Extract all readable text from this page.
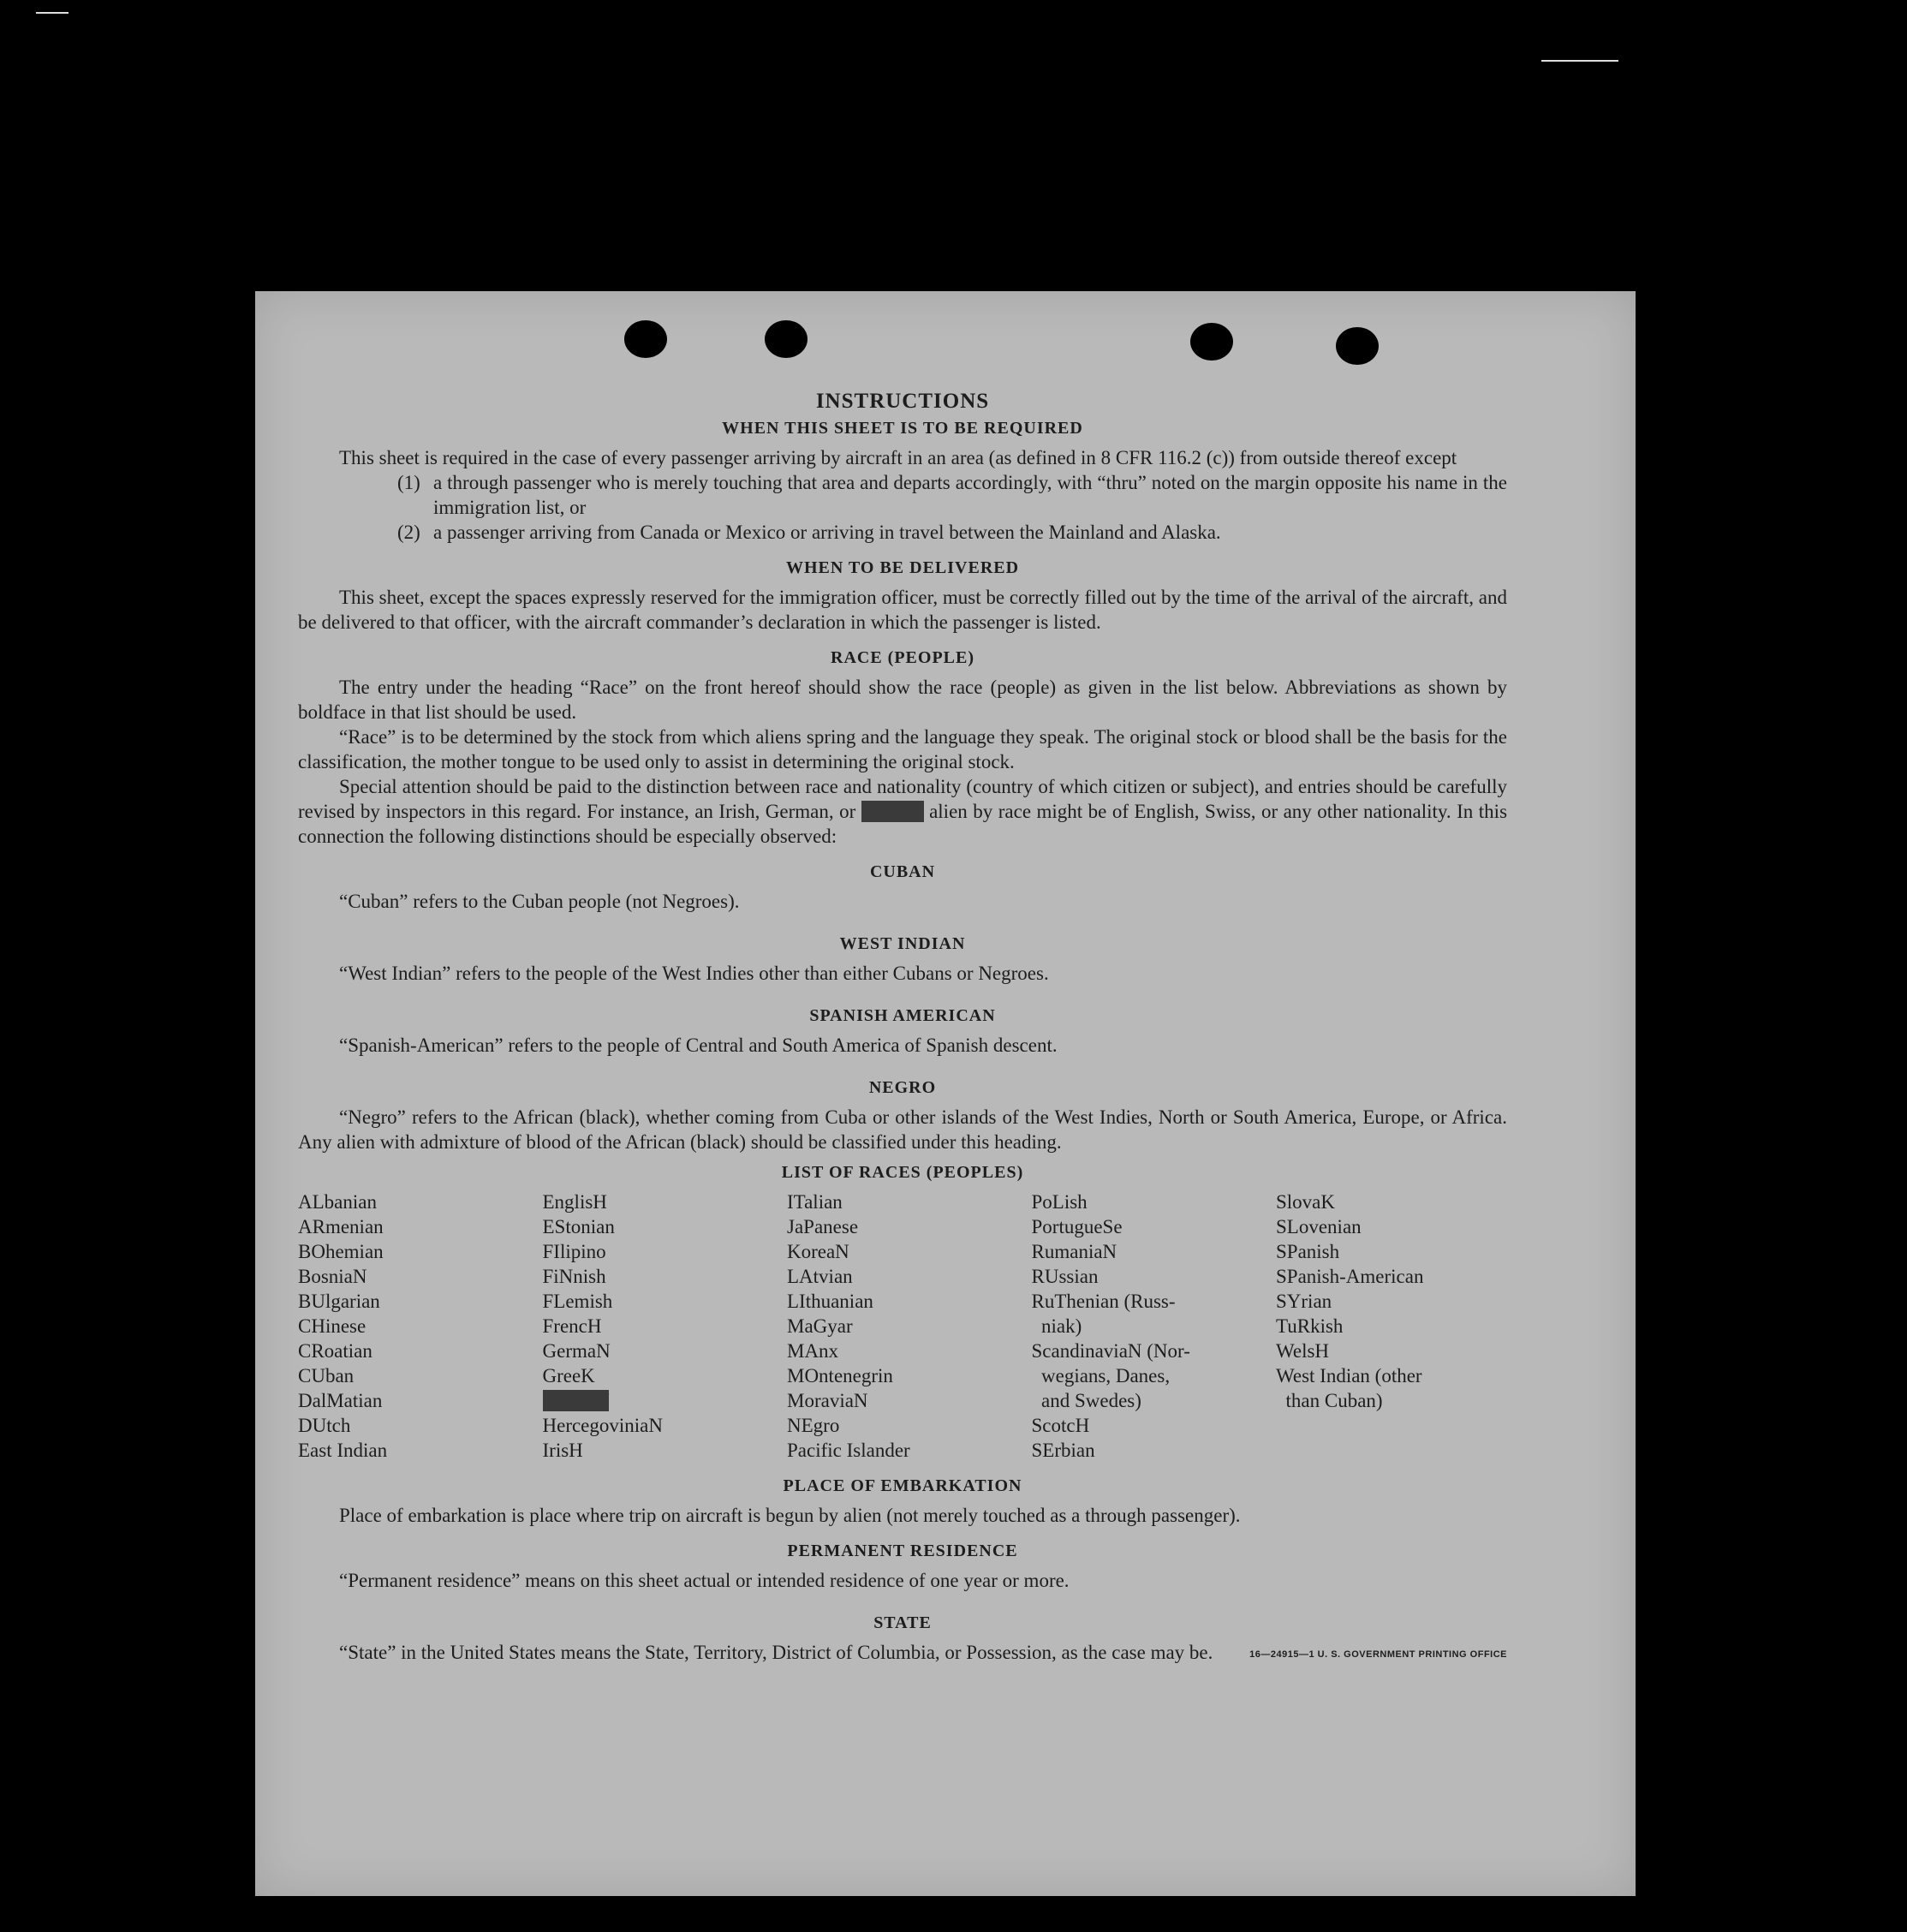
INSTRUCTIONS
WHEN THIS SHEET IS TO BE REQUIRED

This sheet is required in the case of every passenger arriving by aircraft in an area (as defined in 8 CFR 116.2 (c)) from outside thereof except

(1) a through passenger who is merely touching that area and departs accordingly, with “thru” noted on the margin opposite his name in the immigration list, or
(2) a passenger arriving from Canada or Mexico or arriving in travel between the Mainland and Alaska.
WHEN TO BE DELIVERED

This sheet, except the spaces expressly reserved for the immigration officer, must be correctly filled out by the time of the arrival of the aircraft, and be delivered to that officer, with the aircraft commander’s declaration in which the passenger is listed.

RACE (PEOPLE)

The entry under the heading “Race” on the front hereof should show the race (people) as given in the list below. Abbreviations as shown by boldface in that list should be used.

“Race” is to be determined by the stock from which aliens spring and the language they speak. The original stock or blood shall be the basis for the classification, the mother tongue to be used only to assist in determining the original stock.

Special attention should be paid to the distinction between race and nationality (country of which citizen or subject), and entries should be carefully revised by inspectors in this regard. For instance, an Irish, German, or Hebrew alien by race might be of English, Swiss, or any other nationality. In this connection the following distinctions should be especially observed:

CUBAN

“Cuban” refers to the Cuban people (not Negroes).

WEST INDIAN

“West Indian” refers to the people of the West Indies other than either Cubans or Negroes.

SPANISH AMERICAN

“Spanish-American” refers to the people of Central and South America of Spanish descent.

NEGRO

“Negro” refers to the African (black), whether coming from Cuba or other islands of the West Indies, North or South America, Europe, or Africa. Any alien with admixture of blood of the African (black) should be classified under this heading.

LIST OF RACES (PEOPLES)
ALbanian
ARmenian
BOhemian
BosniaN
BUlgarian
CHinese
CRoatian
CUban
DalMatian
DUtch
East Indian
EnglisH
EStonian
FIlipino
FiNnish
FLemish
FrencH
GermaN
GreeK
HebreW
HercegoviniaN
IrisH
ITalian
JaPanese
KoreaN
LAtvian
LIthuanian
MaGyar
MAnx
MOntenegrin
MoraviaN
NEgro
Pacific Islander
PoLish
PortugueSe
RumaniaN
RUssian
RuThenian (Russ-
niak)
ScandinaviaN (Nor-
wegians, Danes,
and Swedes)
ScotcH
SErbian
SlovaK
SLovenian
SPanish
SPanish-American
SYrian
TuRkish
WelsH
West Indian (other
than Cuban)
PLACE OF EMBARKATION

Place of embarkation is place where trip on aircraft is begun by alien (not merely touched as a through passenger).

PERMANENT RESIDENCE

“Permanent residence” means on this sheet actual or intended residence of one year or more.

STATE

“State” in the United States means the State, Territory, District of Columbia, or Possession, as the case may be.	16—24915—1 U. S. GOVERNMENT PRINTING OFFICE
